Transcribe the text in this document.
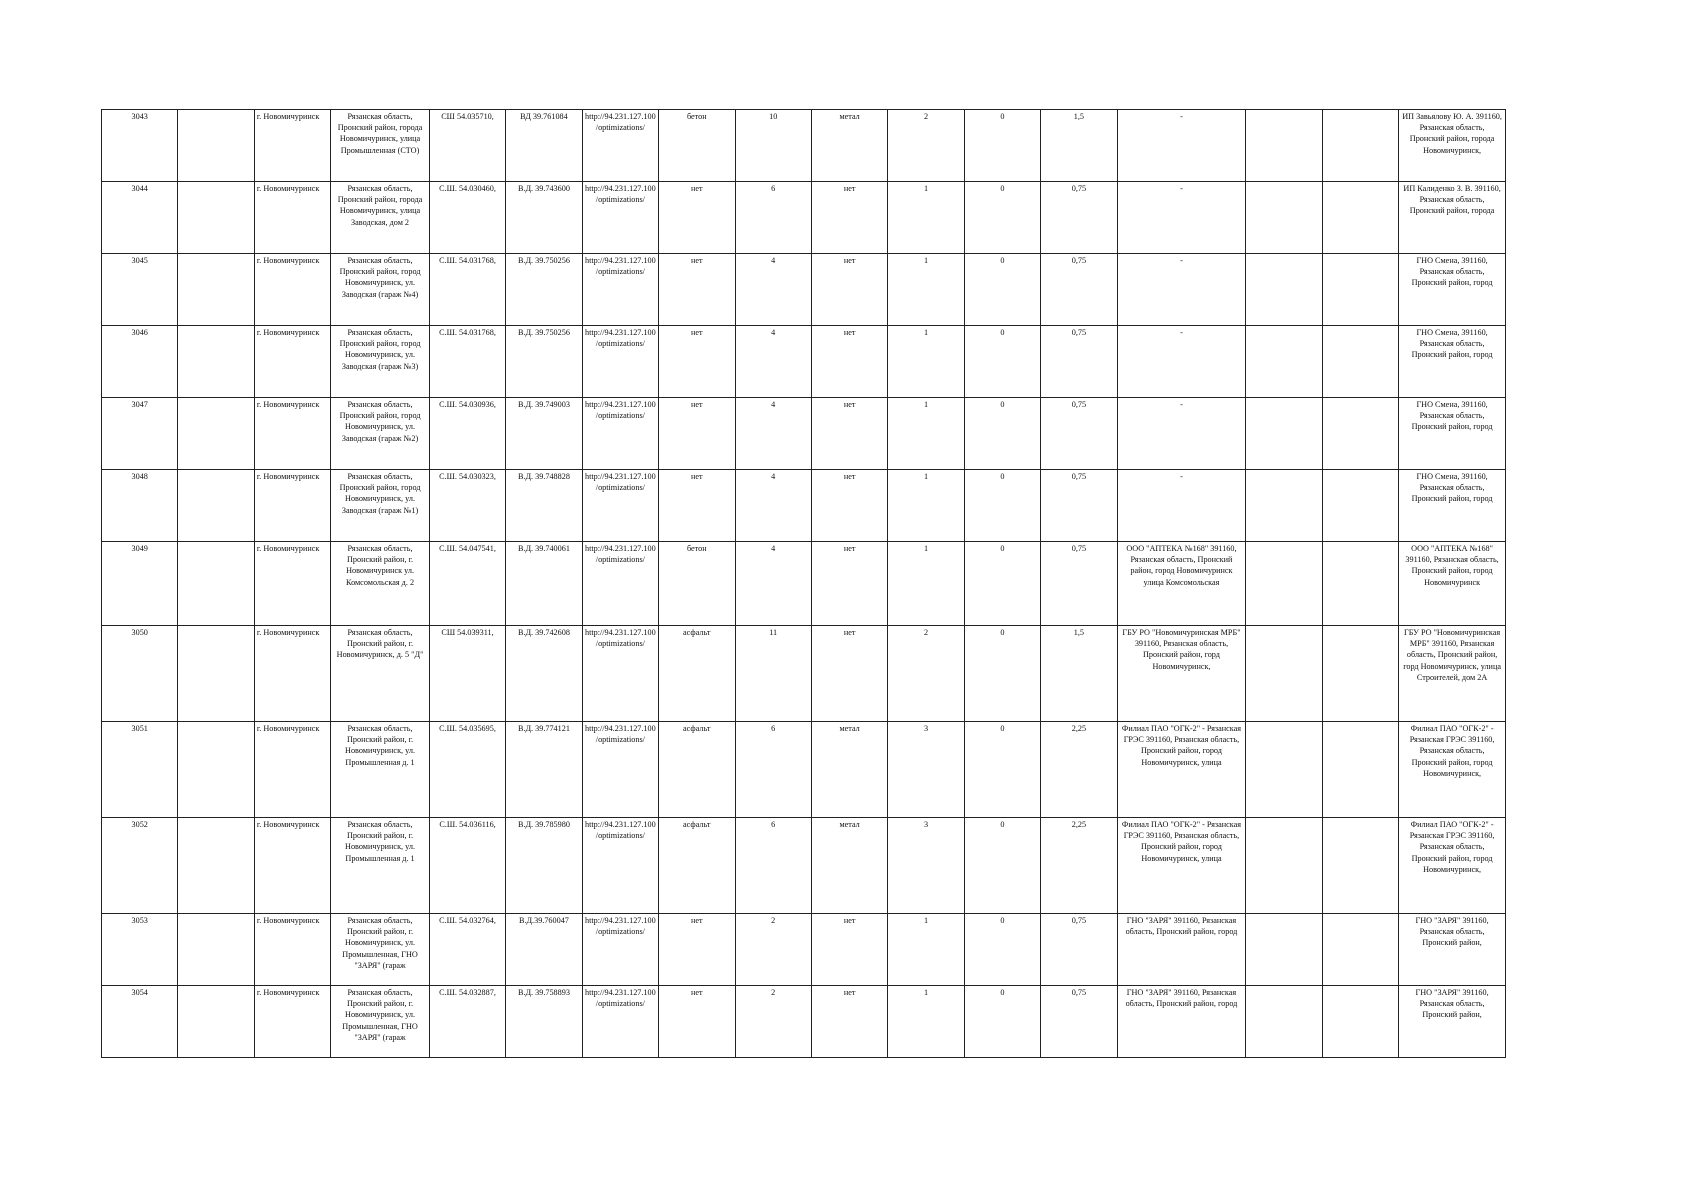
3043		г. Новомичуринск	Рязанская область, Пронский район, города Новомичуринск, улица Промышленная (СТО)	СШ 54.035710,	ВД 39.761084	http://94.231.127.100/optimizations/	бетон	10	метал	2	0	1,5	-			ИП Завьялову Ю. А. 391160, Рязанская область, Пронский район, города Новомичуринск,

3044		г. Новомичуринск	Рязанская область, Пронский район, города Новомичуринск, улица Заводская, дом 2	С.Ш. 54.030460,	В.Д. 39.743600	http://94.231.127.100/optimizations/	нет	6	нет	1	0	0,75	-			ИП Калиденко З. В. 391160, Рязанская область, Пронский район, города

3045		г. Новомичуринск	Рязанская область, Пронский район, город Новомичуринск, ул. Заводская (гараж №4)	С.Ш. 54.031768,	В.Д. 39.750256	http://94.231.127.100/optimizations/	нет	4	нет	1	0	0,75	-			ГНО Смена, 391160, Рязанская область, Пронский район, город

3046		г. Новомичуринск	Рязанская область, Пронский район, город Новомичуринск, ул. Заводская (гараж №3)	С.Ш. 54.031768,	В.Д. 39.750256	http://94.231.127.100/optimizations/	нет	4	нет	1	0	0,75	-			ГНО Смена, 391160, Рязанская область, Пронский район, город

3047		г. Новомичуринск	Рязанская область, Пронский район, город Новомичуринск, ул. Заводская (гараж №2)	С.Ш. 54.030936,	В.Д. 39.749003	http://94.231.127.100/optimizations/	нет	4	нет	1	0	0,75	-			ГНО Смена, 391160, Рязанская область, Пронский район, город

3048		г. Новомичуринск	Рязанская область, Пронский район, город Новомичуринск, ул. Заводская (гараж №1)	С.Ш. 54.030323,	В.Д. 39.748828	http://94.231.127.100/optimizations/	нет	4	нет	1	0	0,75	-			ГНО Смена, 391160, Рязанская область, Пронский район, город

3049		г. Новомичуринск	Рязанская область, Пронский район, г. Новомичуринск ул. Комсомольская д. 2	С.Ш. 54.047541,	В.Д. 39.740061	http://94.231.127.100/optimizations/	бетон	4	нет	1	0	0,75	ООО "АПТЕКА №168" 391160, Рязанская область, Пронский район, город Новомичуринск улица Комсомольская			ООО "АПТЕКА №168" 391160, Рязанская область, Пронский район, город Новомичуринск

3050		г. Новомичуринск	Рязанская область, Пронский район, г. Новомичуринск, д. 5 "Д"	СШ 54.039311,	В.Д. 39.742608	http://94.231.127.100/optimizations/	асфальт	11	нет	2	0	1,5	ГБУ РО "Новомичуринская МРБ" 391160, Рязанская область, Пронский район, горд Новомичуринск,			ГБУ РО "Новомичуринская МРБ" 391160, Рязанская область, Пронский район, горд Новомичуринск, улица Строителей, дом 2А

3051		г. Новомичуринск	Рязанская область, Пронский район, г. Новомичуринск, ул. Промышленная д. 1	С.Ш. 54.035695,	В.Д. 39.774121	http://94.231.127.100/optimizations/	асфальт	6	метал	3	0	2,25	Филиал ПАО "ОГК-2" - Рязанская ГРЭС 391160, Рязанская область, Пронский район, город Новомичуринск, улица			Филиал ПАО "ОГК-2" - Рязанская ГРЭС 391160, Рязанская область, Пронский район, город Новомичуринск,

3052		г. Новомичуринск	Рязанская область, Пронский район, г. Новомичуринск, ул. Промышленная д. 1	С.Ш. 54.036116,	В.Д. 39.785980	http://94.231.127.100/optimizations/	асфальт	6	метал	3	0	2,25	Филиал ПАО "ОГК-2" - Рязанская ГРЭС 391160, Рязанская область, Пронский район, город Новомичуринск, улица			Филиал ПАО "ОГК-2" - Рязанская ГРЭС 391160, Рязанская область, Пронский район, город Новомичуринск,

3053		г. Новомичуринск	Рязанская область, Пронский район, г. Новомичуринск, ул. Промышленная, ГНО "ЗАРЯ" (гараж	С.Ш. 54.032764,	В.Д.39.760047	http://94.231.127.100/optimizations/	нет	2	нет	1	0	0,75	ГНО "ЗАРЯ" 391160, Рязанская область, Пронский район, город			ГНО "ЗАРЯ" 391160, Рязанская область, Пронский район,

3054		г. Новомичуринск	Рязанская область, Пронский район, г. Новомичуринск, ул. Промышленная, ГНО "ЗАРЯ" (гараж	С.Ш. 54.032887,	В.Д. 39.758893	http://94.231.127.100/optimizations/	нет	2	нет	1	0	0,75	ГНО "ЗАРЯ" 391160, Рязанская область, Пронский район, город			ГНО "ЗАРЯ" 391160, Рязанская область, Пронский район,
